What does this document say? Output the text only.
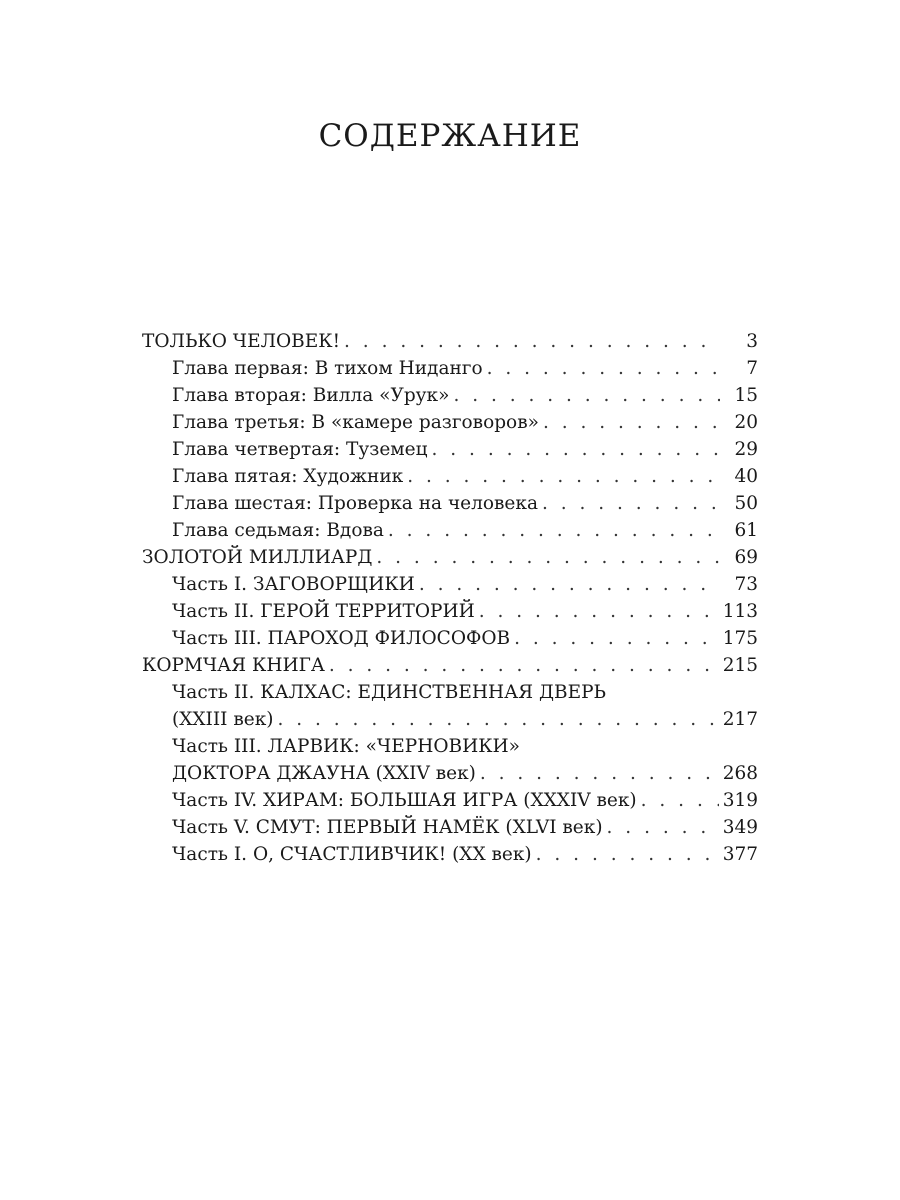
СОДЕРЖАНИЕ
ТОЛЬКО ЧЕЛОВЕК! . . .	3
Глава первая: В тихом Ниданго . . .	7
Глава вторая: Вилла «Урук» . . .	15
Глава третья: В «камере разговоров» . . .	20
Глава четвертая: Туземец . . .	29
Глава пятая: Художник . . .	40
Глава шестая: Проверка на человека . . .	50
Глава седьмая: Вдова . . .	61
ЗОЛОТОЙ МИЛЛИАРД . . .	69
Часть I. ЗАГОВОРЩИКИ . . .	73
Часть II. ГЕРОЙ ТЕРРИТОРИЙ . . .	113
Часть III. ПАРОХОД ФИЛОСОФОВ . . .	175
КОРМЧАЯ КНИГА . . .	215
Часть II. КАЛХАС: ЕДИНСТВЕННАЯ ДВЕРЬ
(XXIII век) . . .	217
Часть III. ЛАРВИК: «ЧЕРНОВИКИ»
ДОКТОРА ДЖАУНА (XXIV век) . . .	268
Часть IV. ХИРАМ: БОЛЬШАЯ ИГРА (XXXIV век) . . .	319
Часть V. СМУТ: ПЕРВЫЙ НАМЁК (XLVI век) . . .	349
Часть I. О, СЧАСТЛИВЧИК! (XX век) . . .	377
